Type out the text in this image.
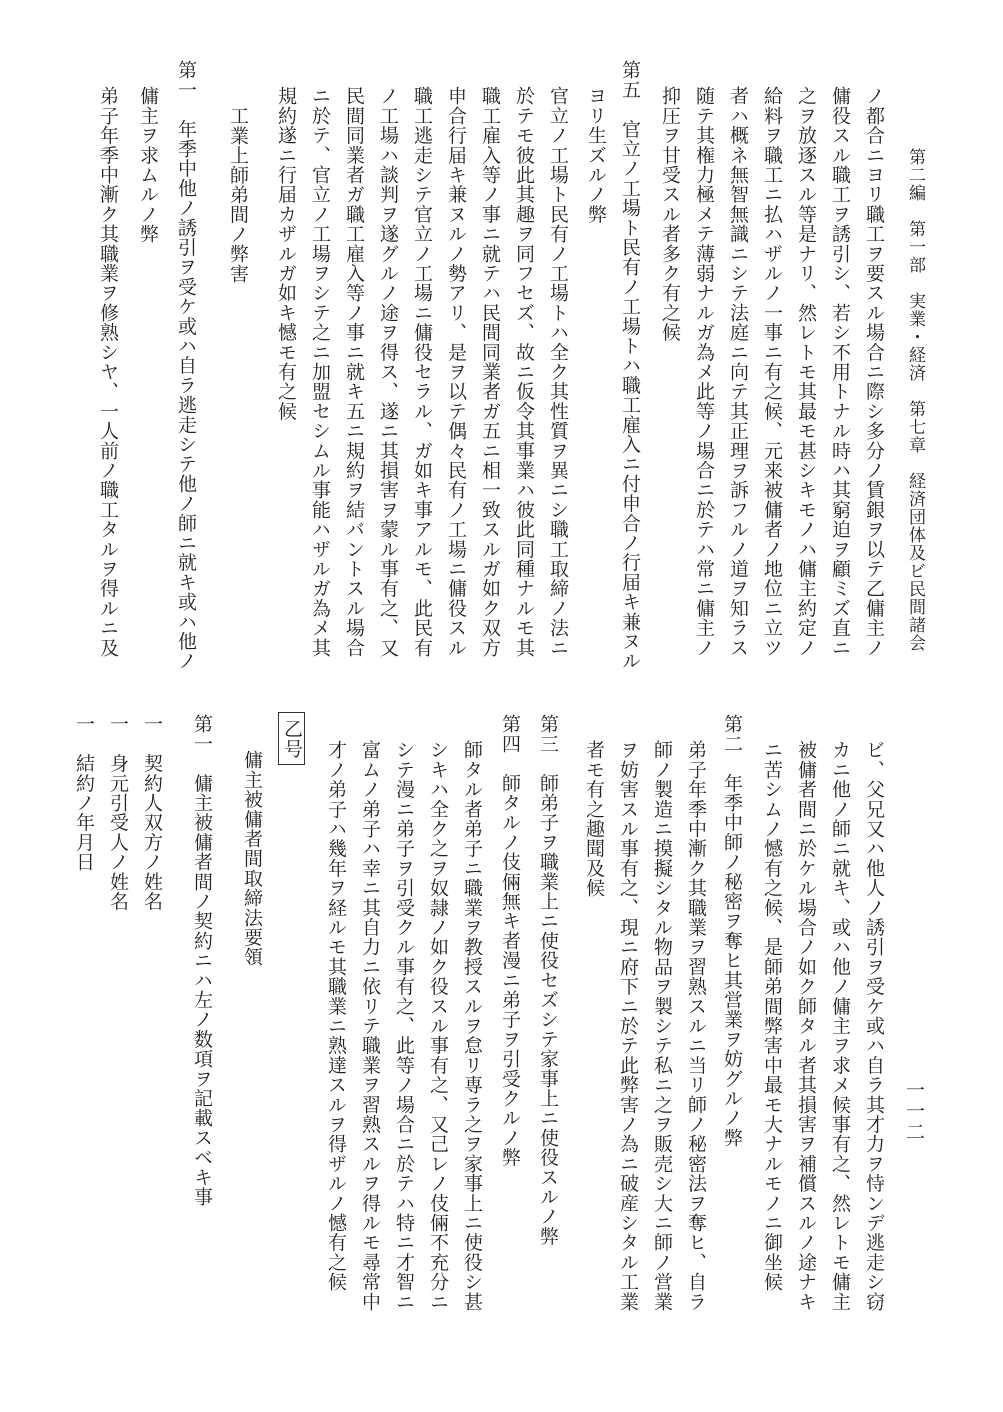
第二編　第一部　実業・経済　第七章　経済団体及ビ民間諸会
一一二
ノ都合ニヨリ職工ヲ要スル場合ニ際シ多分ノ賃銀ヲ以テ乙傭主ノ
傭役スル職工ヲ誘引シ、若シ不用トナル時ハ其窮迫ヲ顧ミズ直ニ
之ヲ放逐スル等是ナリ、然レトモ其最モ甚シキモノハ傭主約定ノ
給料ヲ職工ニ払ハザルノ一事ニ有之候、元来被傭者ノ地位ニ立ツ
者ハ概ネ無智無識ニシテ法庭ニ向テ其正理ヲ訴フルノ道ヲ知ラス
随テ其権力極メテ薄弱ナルガ為メ此等ノ場合ニ於テハ常ニ傭主ノ
抑圧ヲ甘受スル者多ク有之候
第五　官立ノ工場ト民有ノ工場トハ職工雇入ニ付申合ノ行届キ兼ヌル
ヨリ生ズルノ弊
官立ノ工場ト民有ノ工場トハ全ク其性質ヲ異ニシ職工取締ノ法ニ
於テモ彼此其趣ヲ同フセズ、故ニ仮令其事業ハ彼此同種ナルモ其
職工雇入等ノ事ニ就テハ民間同業者ガ五ニ相一致スルガ如ク双方
申合行届キ兼ヌルノ勢アリ、是ヲ以テ偶々民有ノ工場ニ傭役スル
職工逃走シテ官立ノ工場ニ傭役セラル、ガ如キ事アルモ、此民有
ノ工場ハ談判ヲ遂グルノ途ヲ得ス、遂ニ其損害ヲ蒙ル事有之、又
民間同業者ガ職工雇入等ノ事ニ就キ五ニ規約ヲ結バントスル場合
ニ於テ、官立ノ工場ヲシテ之ニ加盟セシムル事能ハザルガ為メ其
規約遂ニ行届カザルガ如キ憾モ有之候
工業上師弟間ノ弊害
第一　年季中他ノ誘引ヲ受ケ或ハ自ラ逃走シテ他ノ師ニ就キ或ハ他ノ
傭主ヲ求ムルノ弊
弟子年季中漸ク其職業ヲ修熟シヤ、一人前ノ職工タルヲ得ルニ及
ビ、父兄又ハ他人ノ誘引ヲ受ケ或ハ自ラ其才力ヲ恃ンデ逃走シ窃
カニ他ノ師ニ就キ、或ハ他ノ傭主ヲ求メ候事有之、然レトモ傭主
被傭者間ニ於ケル場合ノ如ク師タル者其損害ヲ補償スルノ途ナキ
ニ苦シムノ憾有之候、是師弟間弊害中最モ大ナルモノニ御坐候
第二　年季中師ノ秘密ヲ奪ヒ其営業ヲ妨グルノ弊
弟子年季中漸ク其職業ヲ習熟スルニ当リ師ノ秘密法ヲ奪ヒ、自ラ
師ノ製造ニ摸擬シタル物品ヲ製シテ私ニ之ヲ販売シ大ニ師ノ営業
ヲ妨害スル事有之、現ニ府下ニ於テ此弊害ノ為ニ破産シタル工業
者モ有之趣聞及候
第三　師弟子ヲ職業上ニ使役セズシテ家事上ニ使役スルノ弊
第四　師タルノ伎倆無キ者漫ニ弟子ヲ引受クルノ弊
師タル者弟子ニ職業ヲ教授スルヲ怠リ専ラ之ヲ家事上ニ使役シ甚
シキハ全ク之ヲ奴隷ノ如ク役スル事有之、又己レノ伎倆不充分ニ
シテ漫ニ弟子ヲ引受クル事有之、此等ノ場合ニ於テハ特ニ才智ニ
富ムノ弟子ハ幸ニ其自力ニ依リテ職業ヲ習熟スルヲ得ルモ尋常中
才ノ弟子ハ幾年ヲ経ルモ其職業ニ熟達スルヲ得ザルノ憾有之候
乙号
傭主被傭者間取締法要領
第一　傭主被傭者間ノ契約ニハ左ノ数項ヲ記載スベキ事
一　契約人双方ノ姓名
一　身元引受人ノ姓名
一　結約ノ年月日
